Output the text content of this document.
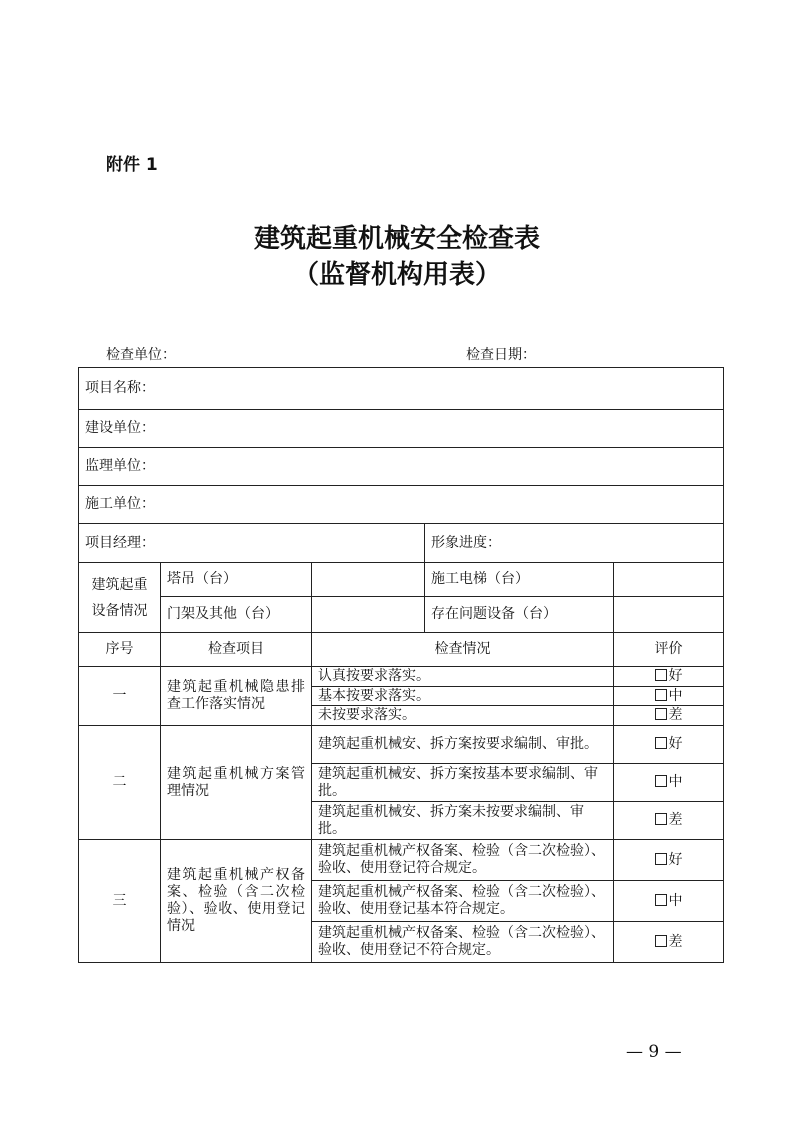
附件 1
建筑起重机械安全检查表
（监督机构用表）
检查单位：	检查日期：
项目名称：				
建设单位：				
监理单位：				
施工单位：				
项目经理：			形象进度：	
建筑起重设备情况	塔吊（台）		施工电梯（台）	
	门架及其他（台）		存在问题设备（台）	
序号	检查项目	检查情况		评价
一	建筑起重机械隐患排查工作落实情况	认真按要求落实。		好
		基本按要求落实。		中
		未按要求落实。		差
二	建筑起重机械方案管理情况	建筑起重机械安、拆方案按要求编制、审批。		好
		建筑起重机械安、拆方案按基本要求编制、审批。		中
		建筑起重机械安、拆方案未按要求编制、审批。		差
三	建筑起重机械产权备案、检验（含二次检验）、验收、使用登记情况	建筑起重机械产权备案、检验（含二次检验）、验收、使用登记符合规定。		好
		建筑起重机械产权备案、检验（含二次检验）、验收、使用登记基本符合规定。		中
		建筑起重机械产权备案、检验（含二次检验）、验收、使用登记不符合规定。		差
— 9 —
